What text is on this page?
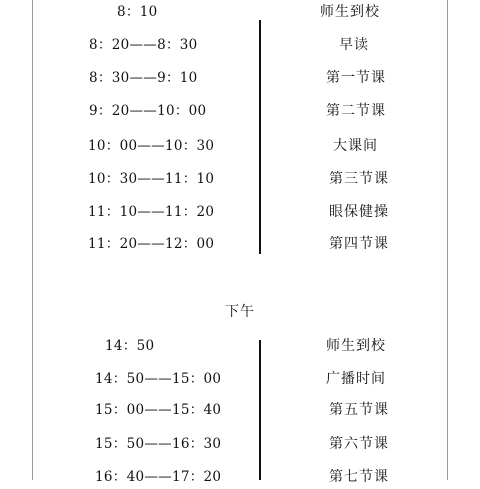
8：10	师生到校
8：20——8：30	早读
8：30——9：10	第一节课
9：20——10：00	第二节课
10：00——10：30	大课间
10：30——11：10	第三节课
11：10——11：20	眼保健操
11：20——12：00	第四节课
下午
14：50	师生到校
14：50——15：00	广播时间
15：00——15：40	第五节课
15：50——16：30	第六节课
16：40——17：20	第七节课
